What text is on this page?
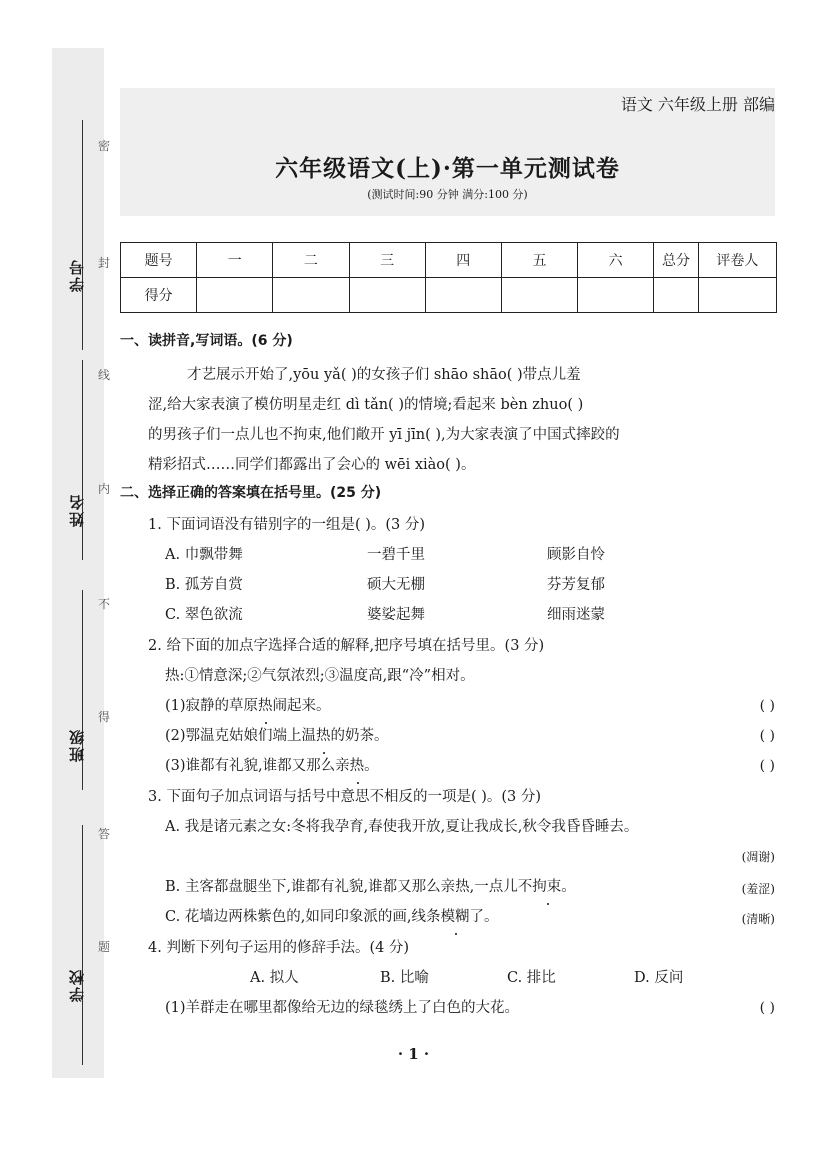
学号
姓名
班级
学校
密
封
线
内
不
得
答
题
语文 六年级上册 部编
六年级语文(上)·第一单元测试卷
(测试时间:90 分钟 满分:100 分)
题号	一	二	三	四	五	六	总分	评卷人
得分								
一、读拼音,写词语。(6 分)
才艺展示开始了,yōu yǎ( )的女孩子们 shāo shāo( )带点儿羞
涩,给大家表演了模仿明星走红 dì tǎn( )的情境;看起来 bèn zhuo( )
的男孩子们一点儿也不拘束,他们敞开 yī jīn( ),为大家表演了中国式摔跤的
精彩招式……同学们都露出了会心的 wēi xiào( )。
二、选择正确的答案填在括号里。(25 分)
1. 下面词语没有错别字的一组是( )。(3 分)
A. 巾飘带舞	一碧千里	顾影自怜
B. 孤芳自赏	硕大无棚	芬芳复郁
C. 翠色欲流	婆娑起舞	细雨迷蒙
2. 给下面的加点字选择合适的解释,把序号填在括号里。(3 分)
热:①情意深;②气氛浓烈;③温度高,跟“冷”相对。
(1)寂静的草原热闹起来。	( )
(2)鄂温克姑娘们端上温热的奶茶。	( )
(3)谁都有礼貌,谁都又那么亲热。	( )
3. 下面句子加点词语与括号中意思不相反的一项是( )。(3 分)
A. 我是诸元素之女:冬将我孕育,春使我开放,夏让我成长,秋令我昏昏睡去。
(凋谢)
B. 主客都盘腿坐下,谁都有礼貌,谁都又那么亲热,一点儿不拘束。	(羞涩)
C. 花墙边两株紫色的,如同印象派的画,线条模糊了。	(清晰)
4. 判断下列句子运用的修辞手法。(4 分)
A. 拟人	B. 比喻	C. 排比	D. 反问
(1)羊群走在哪里都像给无边的绿毯绣上了白色的大花。	( )
· 1 ·
